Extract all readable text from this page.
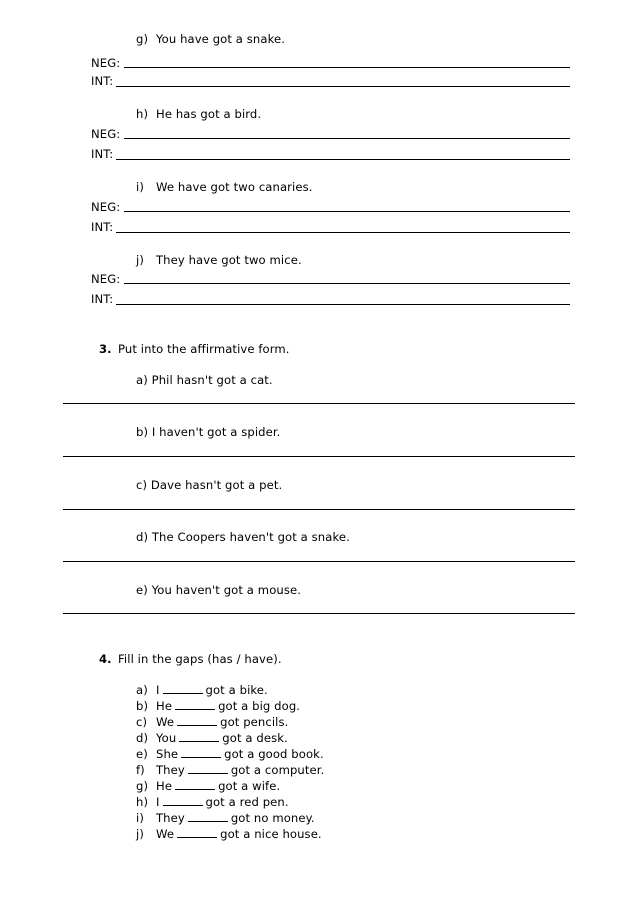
g) You have got a snake.
NEG:
INT:
h) He has got a bird.
NEG:
INT:
i) We have got two canaries.
NEG:
INT:
j) They have got two mice.
NEG:
INT:
3. Put into the affirmative form.
a) Phil hasn't got a cat.
b) I haven't got a spider.
c) Dave hasn't got a pet.
d) The Coopers haven't got a snake.
e) You haven't got a mouse.
4. Fill in the gaps (has / have).
a) I	got a bike.
b) He	got a big dog.
c) We	got pencils.
d) You	got a desk.
e) She	got a good book.
f) They	got a computer.
g) He	got a wife.
h) I	got a red pen.
i) They	got no money.
j) We	got a nice house.
